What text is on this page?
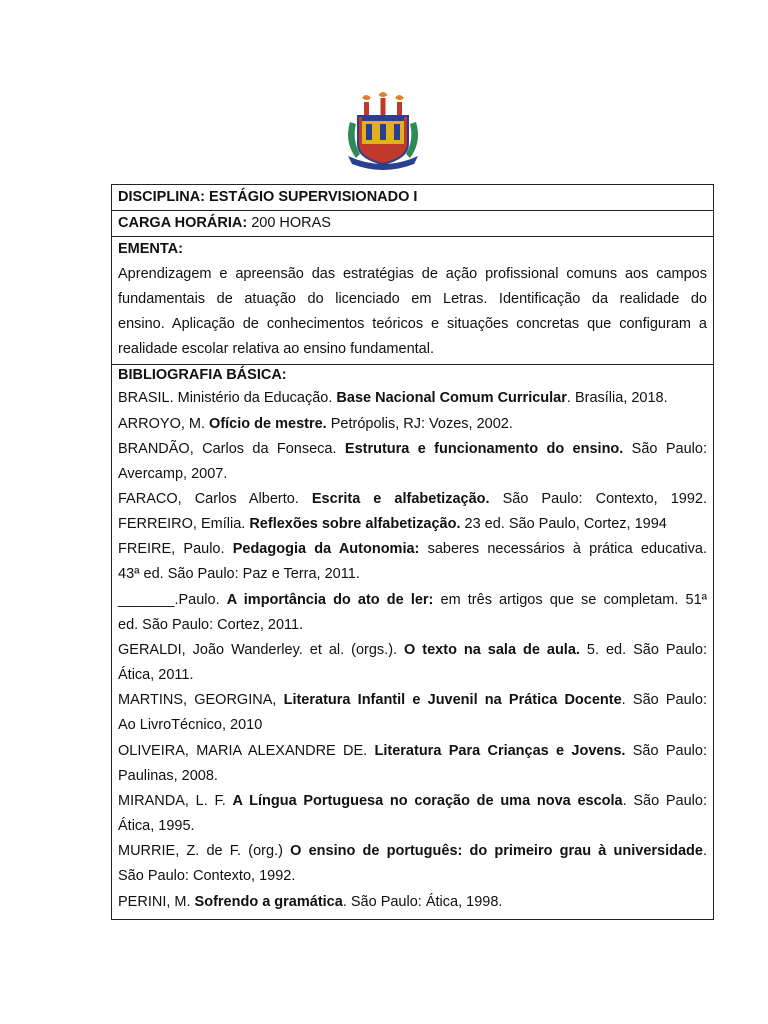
DISCIPLINA: ESTÁGIO SUPERVISIONADO I
CARGA HORÁRIA: 200 HORAS
EMENTA:
Aprendizagem e apreensão das estratégias de ação profissional comuns aos campos
fundamentais de atuação do licenciado em Letras. Identificação da realidade do
ensino. Aplicação de conhecimentos teóricos e situações concretas que configuram a
realidade escolar relativa ao ensino fundamental.
BIBLIOGRAFIA BÁSICA:
BRASIL. Ministério da Educação. Base Nacional Comum Curricular. Brasília, 2018.
ARROYO, M. Ofício de mestre. Petrópolis, RJ: Vozes, 2002.
BRANDÃO, Carlos da Fonseca. Estrutura e funcionamento do ensino. São Paulo:
Avercamp, 2007.
FARACO, Carlos Alberto. Escrita e alfabetização. São Paulo: Contexto, 1992.
FERREIRO, Emília. Reflexões sobre alfabetização. 23 ed. São Paulo, Cortez, 1994
FREIRE, Paulo. Pedagogia da Autonomia: saberes necessários à prática educativa.
43ª ed. São Paulo: Paz e Terra, 2011.
_______.Paulo. A importância do ato de ler: em três artigos que se completam. 51ª
ed. São Paulo: Cortez, 2011.
GERALDI, João Wanderley. et al. (orgs.). O texto na sala de aula. 5. ed. São Paulo:
Ática, 2011.
MARTINS, GEORGINA, Literatura Infantil e Juvenil na Prática Docente. São Paulo:
Ao LivroTécnico, 2010
OLIVEIRA, MARIA ALEXANDRE DE. Literatura Para Crianças e Jovens. São Paulo:
Paulinas, 2008.
MIRANDA, L. F. A Língua Portuguesa no coração de uma nova escola. São Paulo:
Ática, 1995.
MURRIE, Z. de F. (org.) O ensino de português: do primeiro grau à universidade.
São Paulo: Contexto, 1992.
PERINI, M. Sofrendo a gramática. São Paulo: Ática, 1998.
